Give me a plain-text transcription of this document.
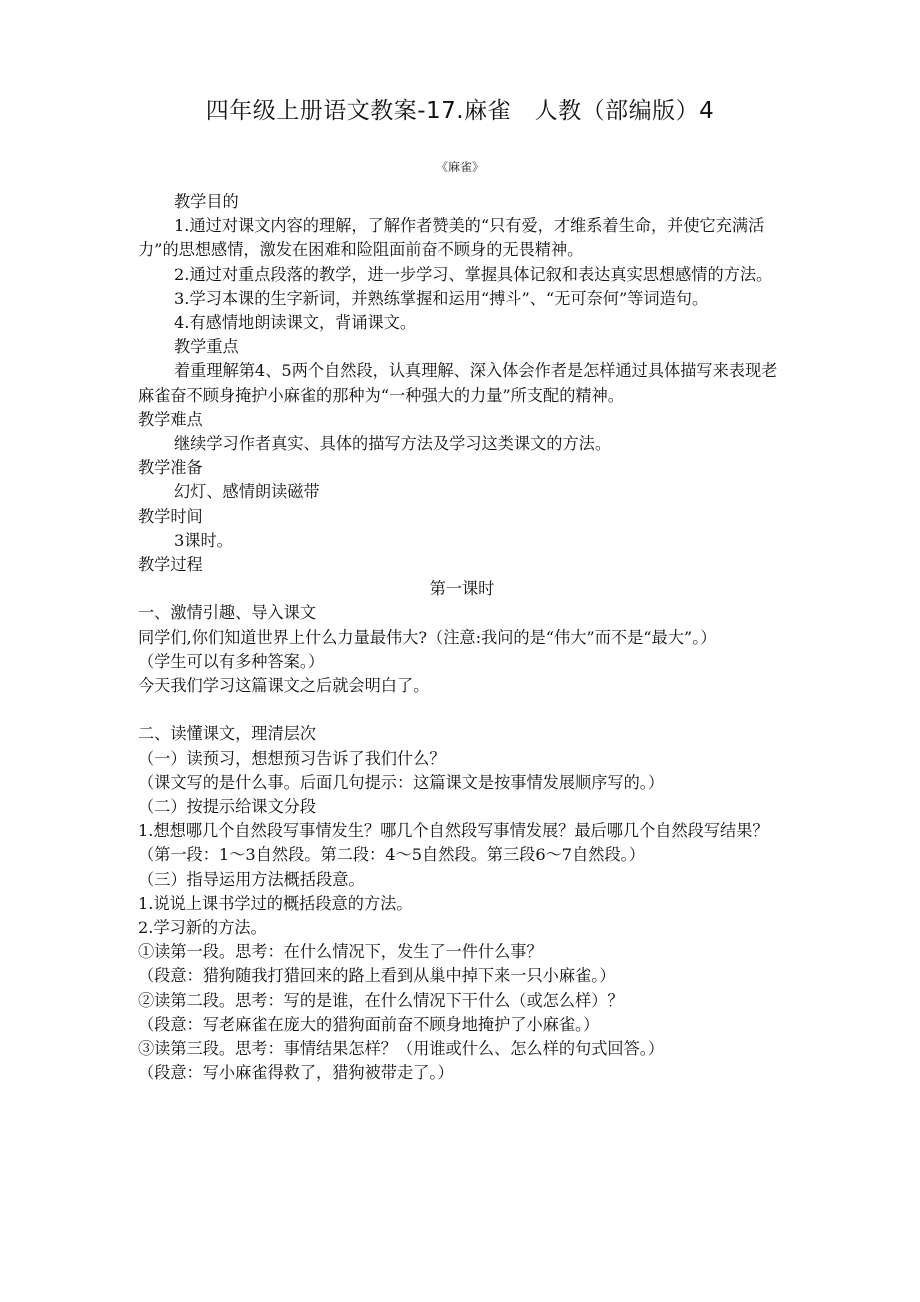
四年级上册语文教案-17.麻雀　人教（部编版）4
《麻雀》

教学目的

1.通过对课文内容的理解，了解作者赞美的“只有爱，才维系着生命，并使它充满活力”的思想感情，激发在困难和险阻面前奋不顾身的无畏精神。

2.通过对重点段落的教学，进一步学习、掌握具体记叙和表达真实思想感情的方法。

3.学习本课的生字新词，并熟练掌握和运用“搏斗”、“无可奈何”等词造句。

4.有感情地朗读课文，背诵课文。

教学重点

着重理解第4、5两个自然段，认真理解、深入体会作者是怎样通过具体描写来表现老麻雀奋不顾身掩护小麻雀的那种为“一种强大的力量”所支配的精神。

教学难点

继续学习作者真实、具体的描写方法及学习这类课文的方法。

教学准备

幻灯、感情朗读磁带

教学时间

3课时。

教学过程

第一课时

一、激情引趣、导入课文

同学们,你们知道世界上什么力量最伟大?（注意:我问的是“伟大”而不是“最大”。）

（学生可以有多种答案。）

今天我们学习这篇课文之后就会明白了。

二、读懂课文，理清层次

（一）读预习，想想预习告诉了我们什么？

（课文写的是什么事。后面几句提示：这篇课文是按事情发展顺序写的。）

（二）按提示给课文分段

1.想想哪几个自然段写事情发生？哪几个自然段写事情发展？最后哪几个自然段写结果？（第一段：1～3自然段。第二段：4～5自然段。第三段6～7自然段。）

（三）指导运用方法概括段意。

1.说说上课书学过的概括段意的方法。

2.学习新的方法。

①读第一段。思考：在什么情况下，发生了一件什么事？

（段意：猎狗随我打猎回来的路上看到从巢中掉下来一只小麻雀。）

②读第二段。思考：写的是谁，在什么情况下干什么（或怎么样）？

（段意：写老麻雀在庞大的猎狗面前奋不顾身地掩护了小麻雀。）

③读第三段。思考：事情结果怎样？（用谁或什么、怎么样的句式回答。）

（段意：写小麻雀得救了，猎狗被带走了。）
